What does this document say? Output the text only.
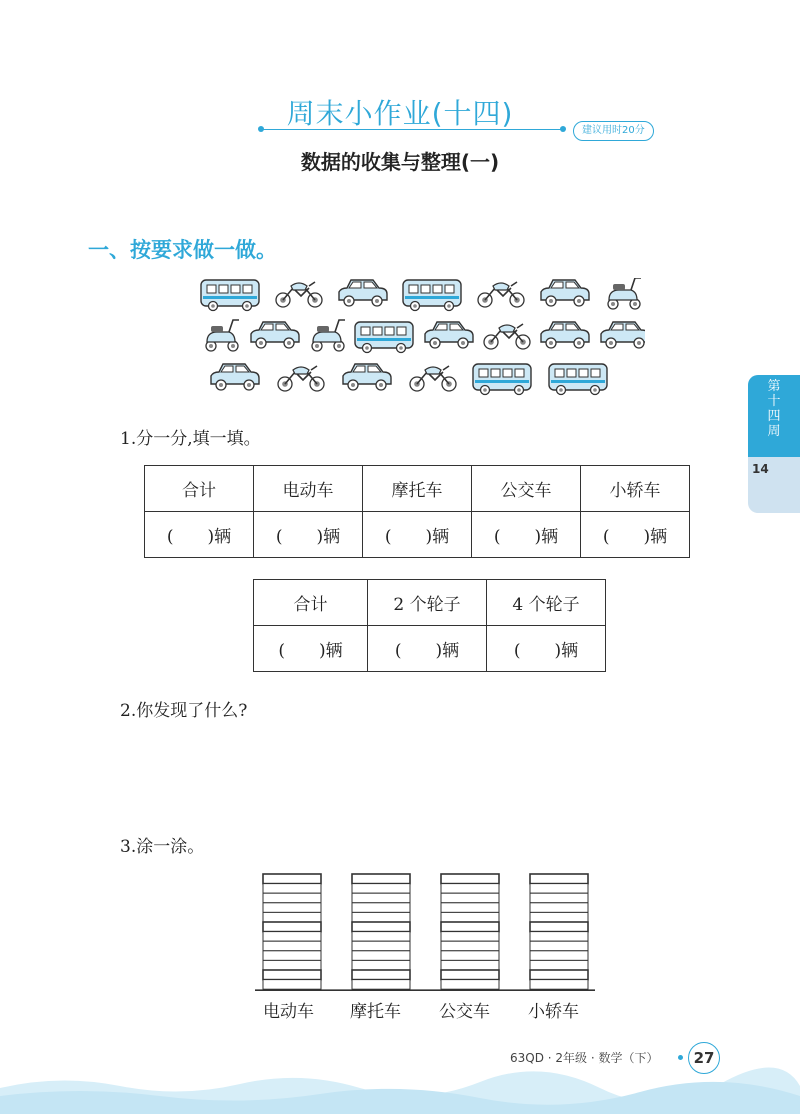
周末小作业(十四)
建议用时20分
数据的收集与整理(一)
一、按要求做一做。
1.分一分,填一填。
合计	电动车	摩托车	公交车	小轿车
(　　)辆	(　　)辆	(　　)辆	(　　)辆	(　　)辆
合计	2 个轮子	4 个轮子
(　　)辆	(　　)辆	(　　)辆
2.你发现了什么?
3.涂一涂。
电动车 摩托车 公交车 小轿车
第
十
四
周
14
63QD · 2年级 · 数学（下）	27
